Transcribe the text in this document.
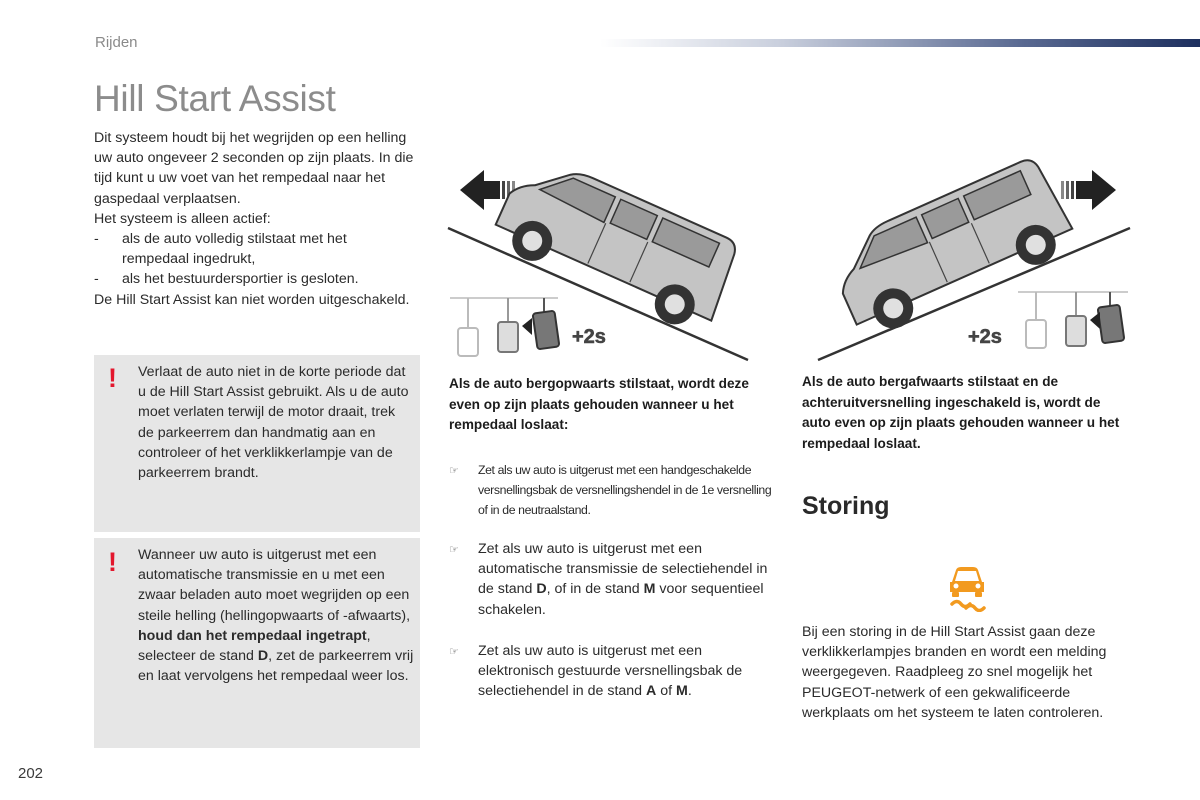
Rijden
Hill Start Assist

Dit systeem houdt bij het wegrijden op een helling uw auto ongeveer 2 seconden op zijn plaats. In die tijd kunt u uw voet van het rempedaal naar het gaspedaal verplaatsen.

Het systeem is alleen actief:

-	als de auto volledig stilstaat met het rempedaal ingedrukt,
-	als het bestuurdersportier is gesloten.

De Hill Start Assist kan niet worden uitgeschakeld.

! Verlaat de auto niet in de korte periode dat u de Hill Start Assist gebruikt. Als u de auto moet verlaten terwijl de motor draait, trek de parkeerrem dan handmatig aan en controleer of het verklikkerlampje van de parkeerrem brandt.
! Wanneer uw auto is uitgerust met een automatische transmissie en u met een zwaar beladen auto moet wegrijden op een steile helling (hellingopwaarts of -afwaarts), houd dan het rempedaal ingetrapt, selecteer de stand D, zet de parkeerrem vrij en laat vervolgens het rempedaal weer los.
+2s	+2s
Als de auto bergopwaarts stilstaat, wordt deze even op zijn plaats gehouden wanneer u het rempedaal loslaat:
Als de auto bergafwaarts stilstaat en de achteruitversnelling ingeschakeld is, wordt de auto even op zijn plaats gehouden wanneer u het rempedaal loslaat.
☞	Zet als uw auto is uitgerust met een handgeschakelde versnellingsbak de versnellingshendel in de 1e versnelling of in de neutraalstand.
☞	Zet als uw auto is uitgerust met een automatische transmissie de selectiehendel in de stand D, of in de stand M voor sequentieel schakelen.
☞	Zet als uw auto is uitgerust met een elektronisch gestuurde versnellingsbak de selectiehendel in de stand A of M.
Storing
Bij een storing in de Hill Start Assist gaan deze verklikkerlampjes branden en wordt een melding weergegeven. Raadpleeg zo snel mogelijk het PEUGEOT-netwerk of een gekwalificeerde werkplaats om het systeem te laten controleren.
202
